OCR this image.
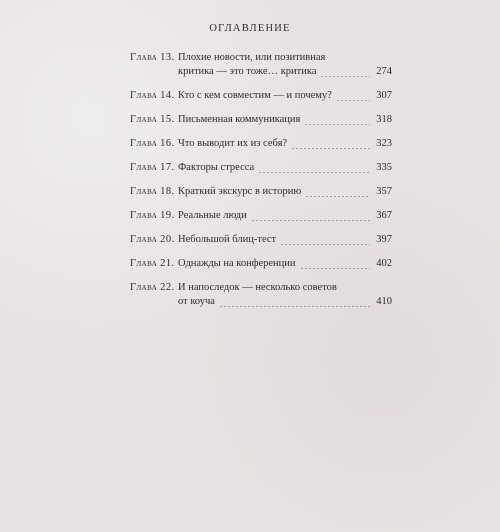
ОГЛАВЛЕНИЕ
Глава 13. Плохие новости, или позитивная
критика — это тоже… критика	274
Глава 14. Кто с кем совместим — и почему?	307
Глава 15. Письменная коммуникация	318
Глава 16. Что выводит их из себя?	323
Глава 17. Факторы стресса	335
Глава 18. Краткий экскурс в историю	357
Глава 19. Реальные люди	367
Глава 20. Небольшой блиц-тест	397
Глава 21. Однажды на конференции	402
Глава 22. И напоследок — несколько советов
от коуча	410
